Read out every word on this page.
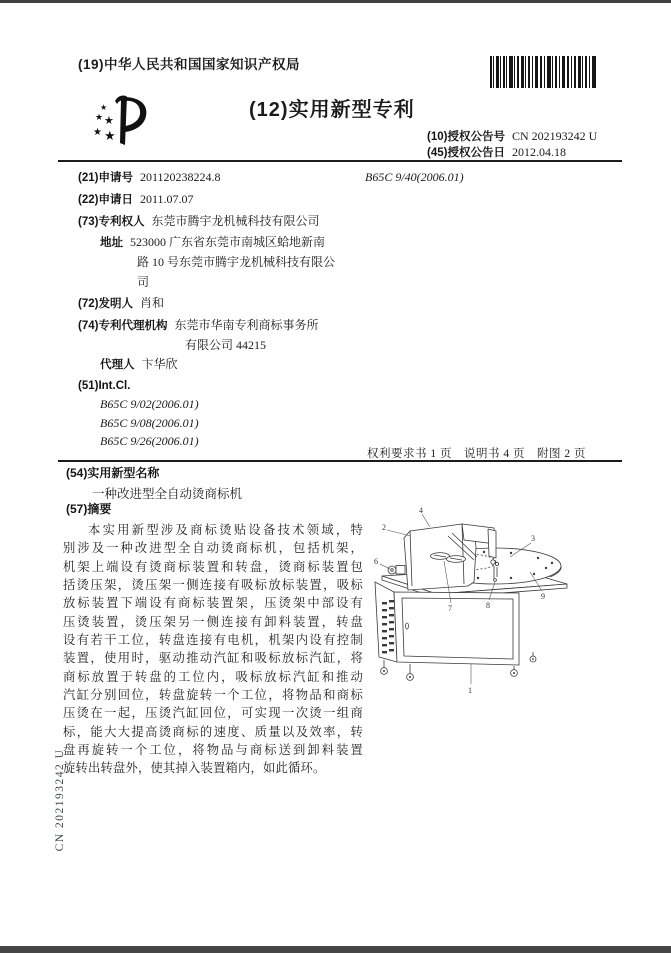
(19)中华人民共和国国家知识产权局
★
★ ★
★ ★
(12)实用新型专利
(10)授权公告号 CN 202193242 U
(45)授权公告日 2012.04.18
(21)申请号 201120238224.8
(22)申请日 2011.07.07
(73)专利权人 东莞市腾宇龙机械科技有限公司
地址 523000 广东省东莞市南城区蛤地新南
路 10 号东莞市腾宇龙机械科技有限公
司
(72)发明人 肖和
(74)专利代理机构 东莞市华南专利商标事务所
有限公司 44215
代理人 卞华欣
(51)Int.Cl.
B65C 9/02(2006.01)
B65C 9/08(2006.01)
B65C 9/26(2006.01)
B65C 9/40(2006.01)
权利要求书 1 页　说明书 4 页　附图 2 页
(54)实用新型名称
一种改进型全自动烫商标机
(57)摘要
本实用新型涉及商标烫贴设备技术领域，特
别涉及一种改进型全自动烫商标机，包括机架，
机架上端设有烫商标装置和转盘，烫商标装置包
括烫压架，烫压架一侧连接有吸标放标装置，吸标
放标装置下端设有商标装置架，压烫架中部设有
压烫装置，烫压架另一侧连接有卸料装置，转盘
设有若干工位，转盘连接有电机，机架内设有控制
装置，使用时，驱动推动汽缸和吸标放标汽缸，将
商标放置于转盘的工位内，吸标放标汽缸和推动
汽缸分别回位，转盘旋转一个工位，将物品和商标
压烫在一起，压烫汽缸回位，可实现一次烫一组商
标，能大大提高烫商标的速度、质量以及效率，转
盘再旋转一个工位，将物品与商标送到卸料装置
旋转出转盘外，使其掉入装置箱内，如此循环。
1
2
3
4
6
7	8
9
CN 202193242 U
